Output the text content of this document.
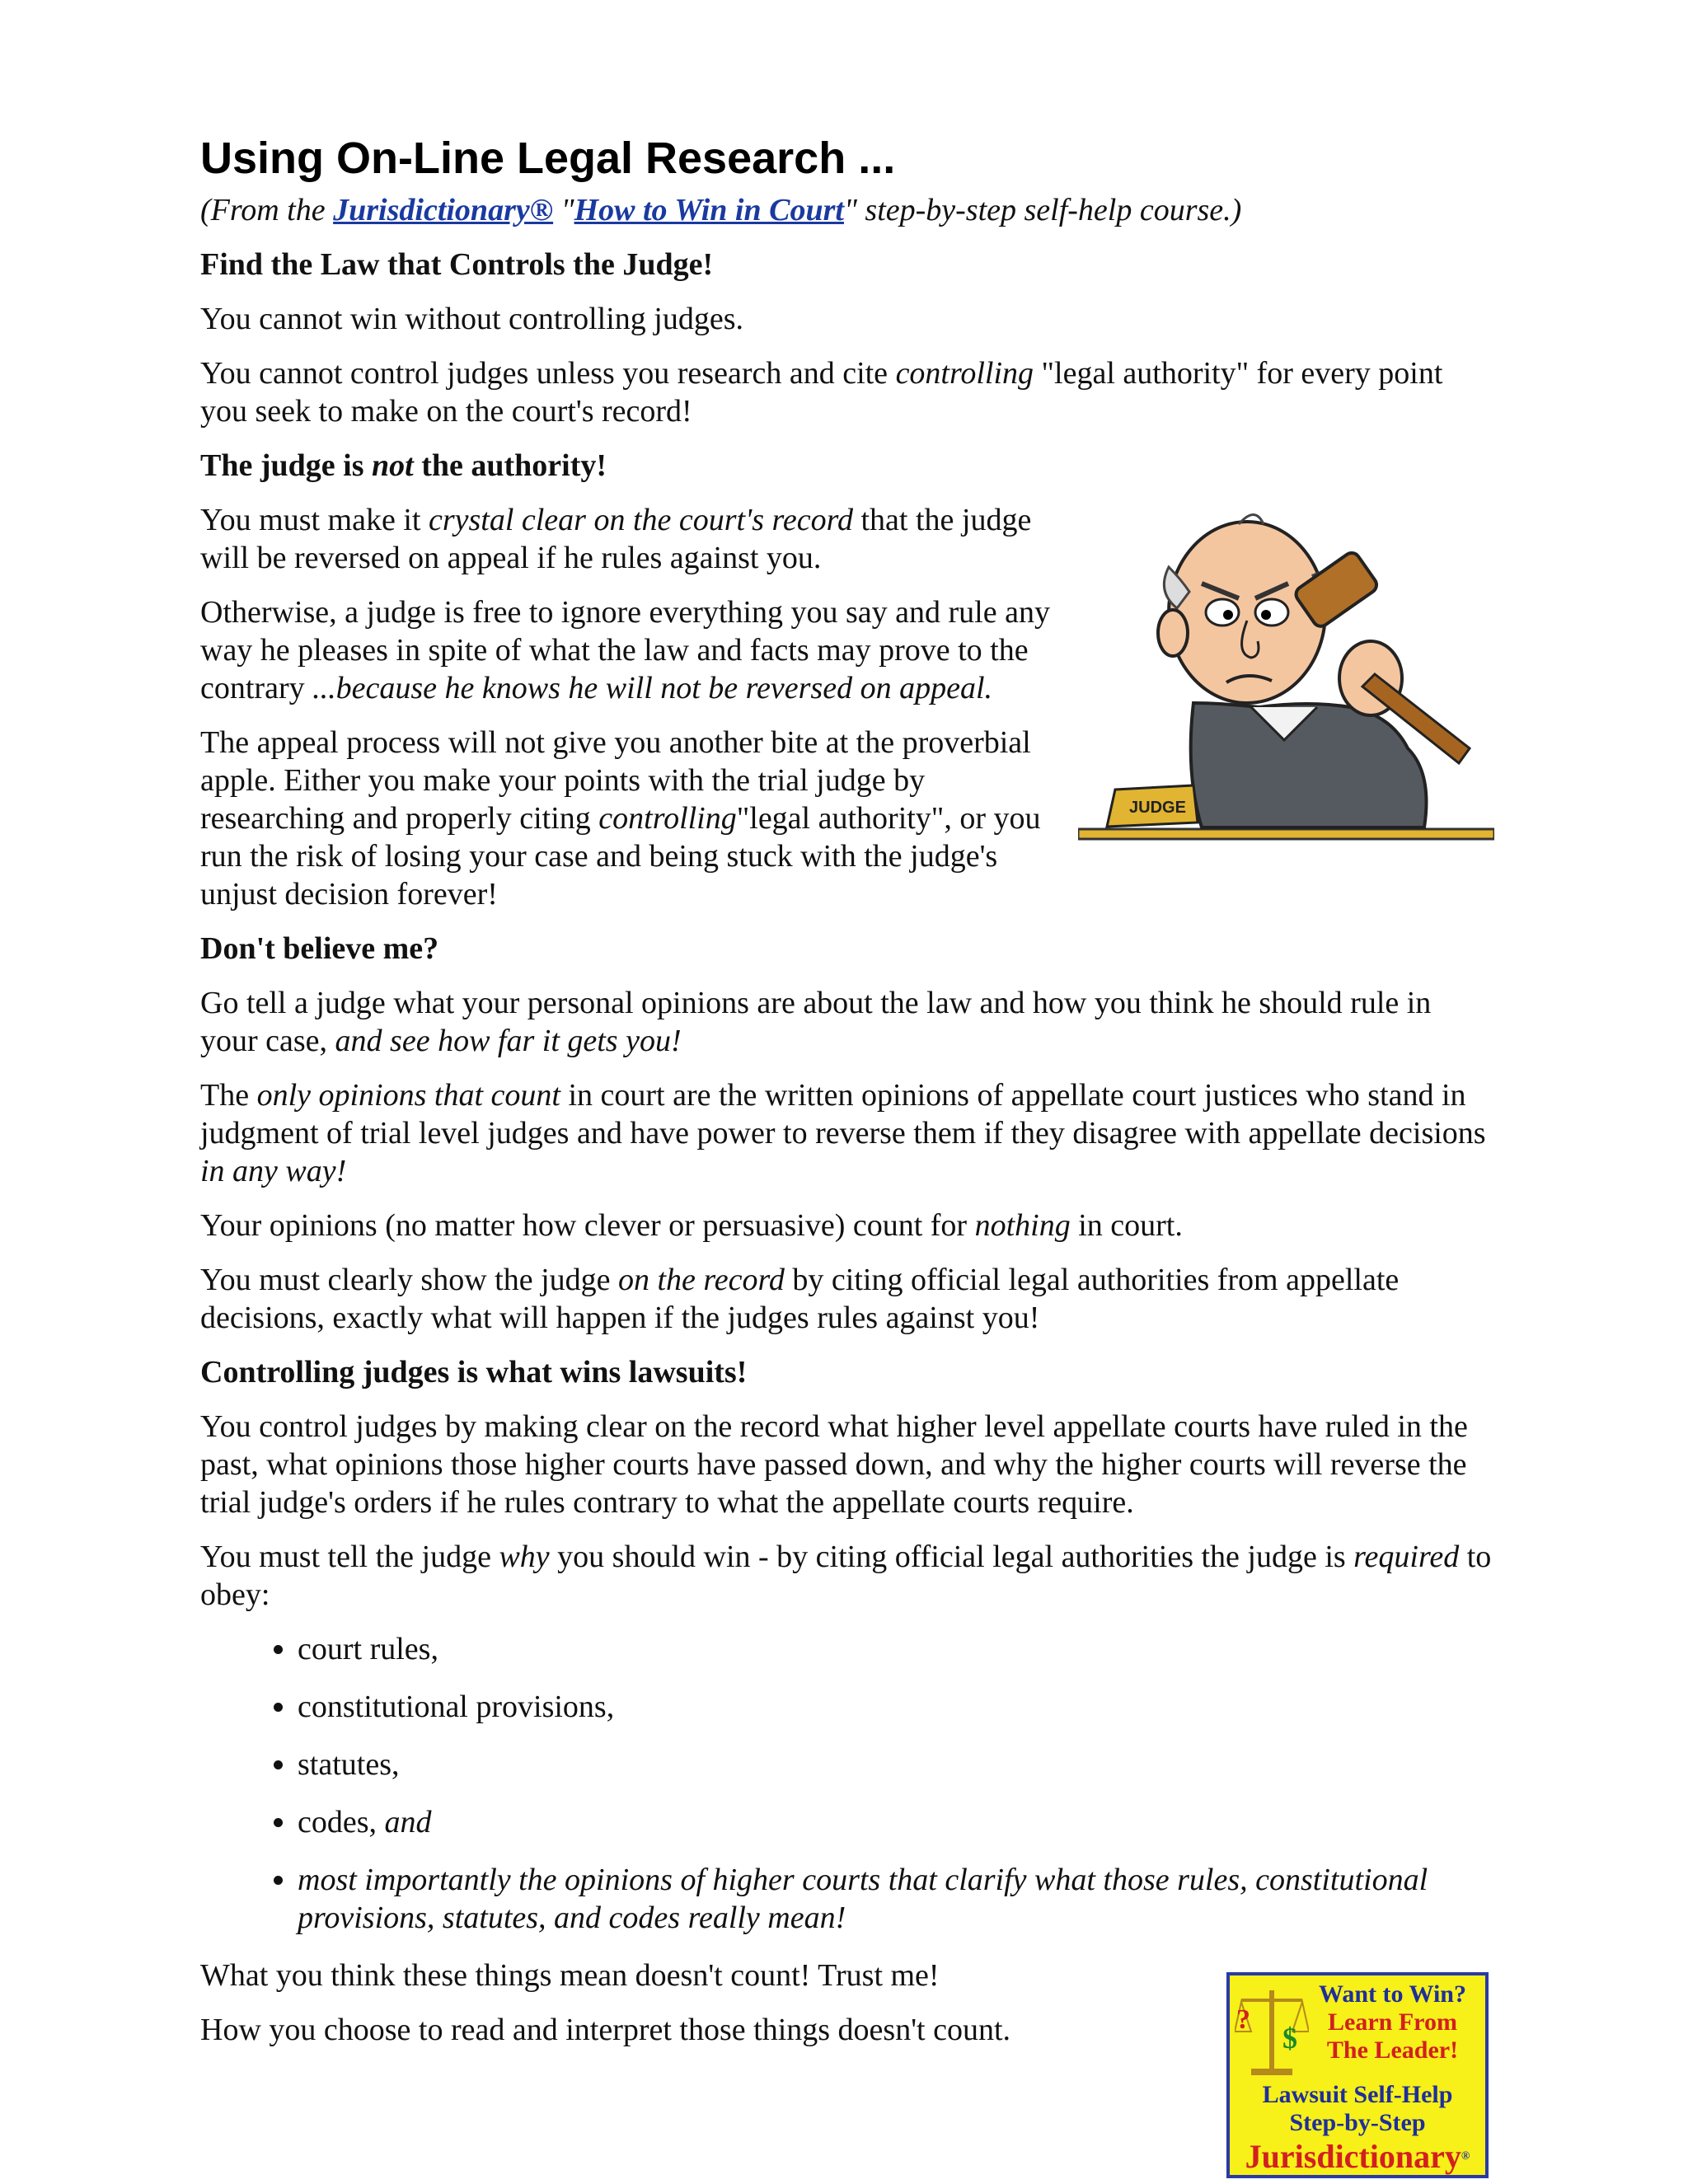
Using On-Line Legal Research ...

(From the Jurisdictionary® "How to Win in Court" step-by-step self-help course.)

Find the Law that Controls the Judge!

You cannot win without controlling judges.

You cannot control judges unless you research and cite controlling "legal authority" for every point you seek to make on the court's record!

The judge is not the authority!

JUDGE

You must make it crystal clear on the court's record that the judge will be reversed on appeal if he rules against you.

Otherwise, a judge is free to ignore everything you say and rule any way he pleases in spite of what the law and facts may prove to the contrary ...because he knows he will not be reversed on appeal.

The appeal process will not give you another bite at the proverbial apple. Either you make your points with the trial judge by researching and properly citing controlling"legal authority", or you run the risk of losing your case and being stuck with the judge's unjust decision forever!

Don't believe me?

Go tell a judge what your personal opinions are about the law and how you think he should rule in your case, and see how far it gets you!

The only opinions that count in court are the written opinions of appellate court justices who stand in judgment of trial level judges and have power to reverse them if they disagree with appellate decisions in any way!

Your opinions (no matter how clever or persuasive) count for nothing in court.

You must clearly show the judge on the record by citing official legal authorities from appellate decisions, exactly what will happen if the judges rules against you!

Controlling judges is what wins lawsuits!

You control judges by making clear on the record what higher level appellate courts have ruled in the past, what opinions those higher courts have passed down, and why the higher courts will reverse the trial judge's orders if he rules contrary to what the appellate courts require.

You must tell the judge why you should win - by citing official legal authorities the judge is required to obey:

• court rules,
• constitutional provisions,
• statutes,
• codes, and
• most importantly the opinions of higher courts that clarify what those rules, constitutional provisions, statutes, and codes really mean!

What you think these things mean doesn't count! Trust me!

How you choose to read and interpret those things doesn't count.	?
$
Want to Win?
Learn From
The Leader!
Lawsuit Self-Help
Step-by-Step
Jurisdictionary®
